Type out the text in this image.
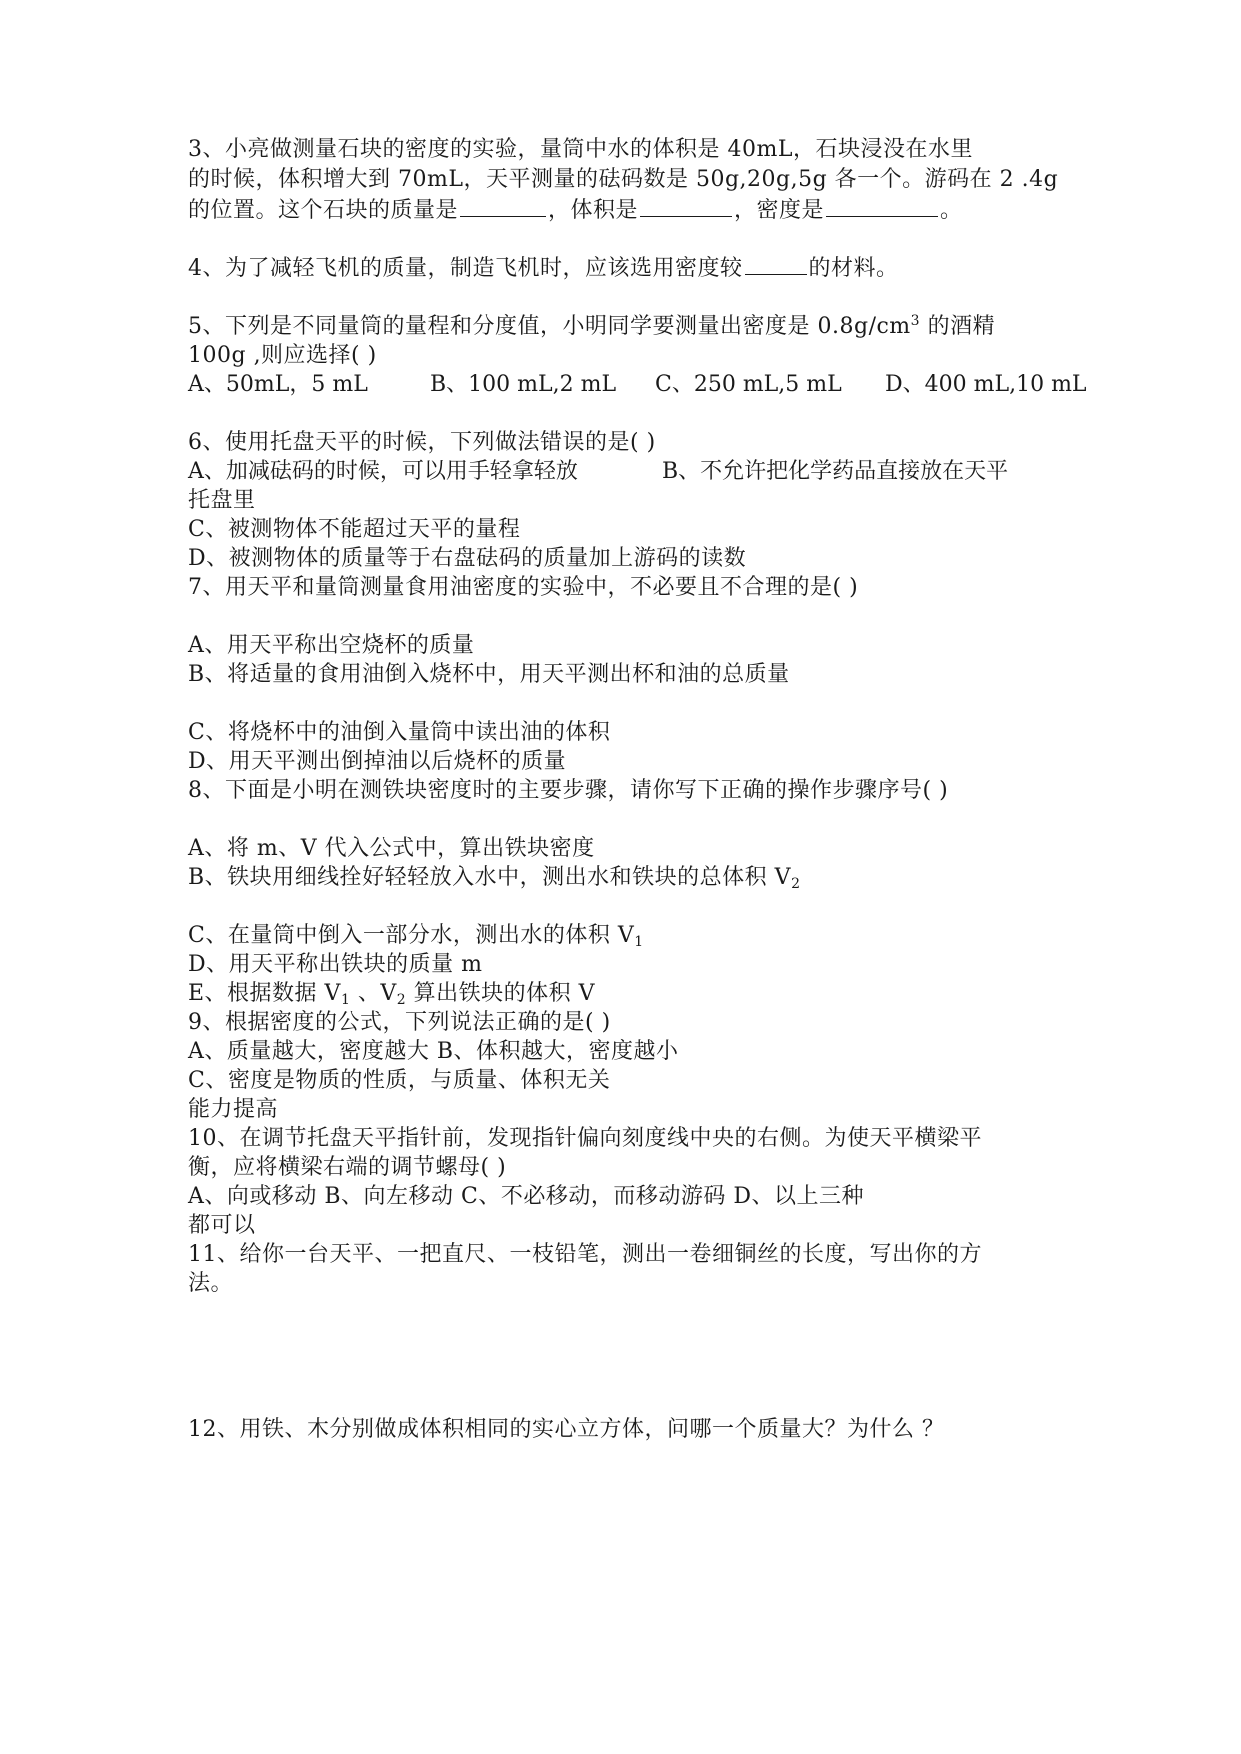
3、小亮做测量石块的密度的实验，量筒中水的体积是 40mL，石块浸没在水里
的时候，体积增大到 70mL，天平测量的砝码数是 50g,20g,5g 各一个。游码在 2 .4g
的位置。这个石块的质量是	，体积是	，密度是	。
4、为了减轻飞机的质量，制造飞机时，应该选用密度较	的材料。
5、下列是不同量筒的量程和分度值，小明同学要测量出密度是 $0.8g/cm^3$ 的酒精
100g ,则应选择( )
A、50mL，5 mL	B、100 mL,2 mL C、250 mL,5 mL D、400 mL,10 mL
6、使用托盘天平的时候，下列做法错误的是( )
A、加减砝码的时候，可以用手轻拿轻放	B、不允许把化学药品直接放在天平
托盘里
C、被测物体不能超过天平的量程
D、被测物体的质量等于右盘砝码的质量加上游码的读数
7、用天平和量筒测量食用油密度的实验中，不必要且不合理的是( )
A、用天平称出空烧杯的质量
B、将适量的食用油倒入烧杯中，用天平测出杯和油的总质量
C、将烧杯中的油倒入量筒中读出油的体积
D、用天平测出倒掉油以后烧杯的质量
8、下面是小明在测铁块密度时的主要步骤，请你写下正确的操作步骤序号( )
A、将 m、V 代入公式中，算出铁块密度
B、铁块用细线拴好轻轻放入水中，测出水和铁块的总体积 $V_2$
C、在量筒中倒入一部分水，测出水的体积 $V_1$
D、用天平称出铁块的质量 m
E、根据数据 $V_1$ 、$V_2$ 算出铁块的体积 V
9、根据密度的公式，下列说法正确的是( )
A、质量越大，密度越大 B、体积越大，密度越小
C、密度是物质的性质，与质量、体积无关
能力提高
10、在调节托盘天平指针前，发现指针偏向刻度线中央的右侧。为使天平横梁平
衡，应将横梁右端的调节螺母( )
A、向或移动 B、向左移动 C、不必移动，而移动游码 D、以上三种
都可以
11、给你一台天平、一把直尺、一枝铅笔，测出一卷细铜丝的长度，写出你的方
法。
12、用铁、木分别做成体积相同的实心立方体，问哪一个质量大？为什么 ？
